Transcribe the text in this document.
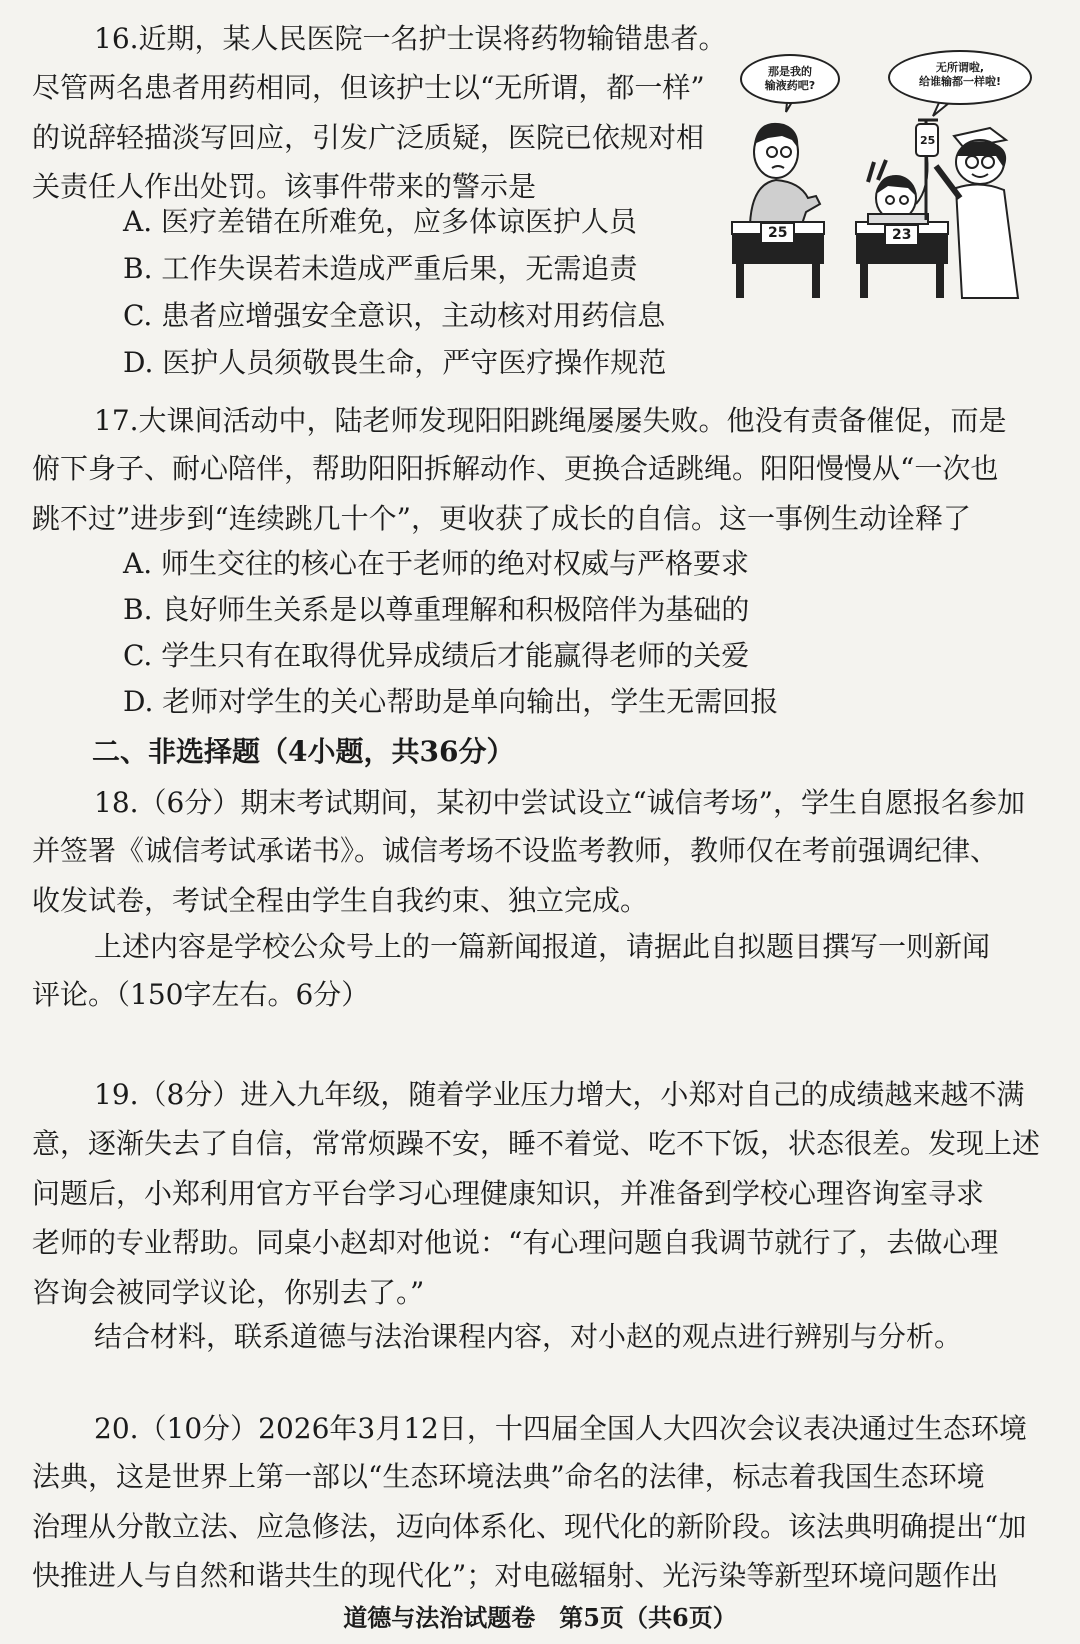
16.近期，某人民医院一名护士误将药物输错患者。
尽管两名患者用药相同，但该护士以“无所谓，都一样”
的说辞轻描淡写回应，引发广泛质疑，医院已依规对相
关责任人作出处罚。该事件带来的警示是
A. 医疗差错在所难免，应多体谅医护人员
B. 工作失误若未造成严重后果，无需追责
C. 患者应增强安全意识，主动核对用药信息
D. 医护人员须敬畏生命，严守医疗操作规范
那是我的
输液药吧?
无所谓啦,
给谁输都一样啦!
25	23
25
17.大课间活动中，陆老师发现阳阳跳绳屡屡失败。他没有责备催促，而是
俯下身子、耐心陪伴，帮助阳阳拆解动作、更换合适跳绳。阳阳慢慢从“一次也
跳不过”进步到“连续跳几十个”，更收获了成长的自信。这一事例生动诠释了
A. 师生交往的核心在于老师的绝对权威与严格要求
B. 良好师生关系是以尊重理解和积极陪伴为基础的
C. 学生只有在取得优异成绩后才能赢得老师的关爱
D. 老师对学生的关心帮助是单向输出，学生无需回报
二、非选择题（4小题，共36分）
18.（6分）期末考试期间，某初中尝试设立“诚信考场”，学生自愿报名参加
并签署《诚信考试承诺书》。诚信考场不设监考教师，教师仅在考前强调纪律、
收发试卷，考试全程由学生自我约束、独立完成。
上述内容是学校公众号上的一篇新闻报道，请据此自拟题目撰写一则新闻
评论。（150字左右。6分）
19.（8分）进入九年级，随着学业压力增大，小郑对自己的成绩越来越不满
意，逐渐失去了自信，常常烦躁不安，睡不着觉、吃不下饭，状态很差。发现上述
问题后，小郑利用官方平台学习心理健康知识，并准备到学校心理咨询室寻求
老师的专业帮助。同桌小赵却对他说：“有心理问题自我调节就行了，去做心理
咨询会被同学议论，你别去了。”
结合材料，联系道德与法治课程内容，对小赵的观点进行辨别与分析。
20.（10分）2026年3月12日，十四届全国人大四次会议表决通过生态环境
法典，这是世界上第一部以“生态环境法典”命名的法律，标志着我国生态环境
治理从分散立法、应急修法，迈向体系化、现代化的新阶段。该法典明确提出“加
快推进人与自然和谐共生的现代化”；对电磁辐射、光污染等新型环境问题作出
道德与法治试题卷　第5页（共6页）
